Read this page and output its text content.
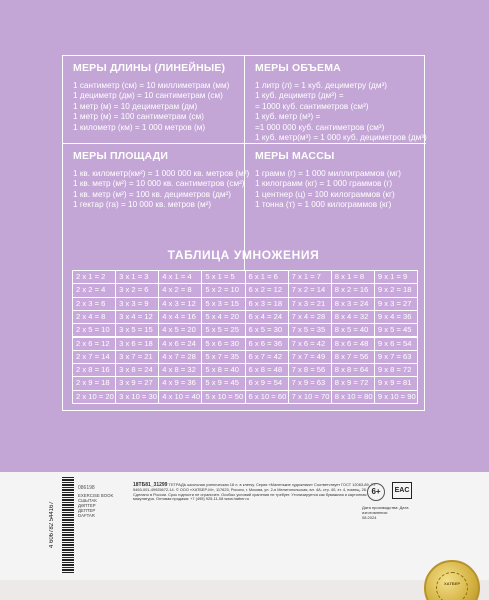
МЕРЫ ДЛИНЫ (ЛИНЕЙНЫЕ)

1 сантиметр (см) = 10 миллиметрам (мм)

1 дециметр (дм) = 10 сантиметрам (см)

1 метр (м) = 10 дециметрам (дм)

1 метр (м) = 100 сантиметрам (см)

1 километр (км) = 1 000 метров (м)

МЕРЫ ОБЪЕМА

1 литр (л) = 1 куб. дециметру (дм³)

1 куб. дециметр (дм³) =

= 1000 куб. сантиметров (см³)

1 куб. метр (м³) =

=1 000 000 куб. сантиметров (см³)

1 куб. метр(м³) = 1 000 куб. дециметров (дм³)

МЕРЫ ПЛОЩАДИ

1 кв. километр(км²) = 1 000 000 кв. метров (м²)

1 кв. метр (м²) = 10 000 кв. сантиметров (см²)

1 кв. метр (м²) = 100 кв. дециметров (дм²)

1 гектар (га) = 10 000 кв. метров (м²)

МЕРЫ МАССЫ

1 грамм (г) = 1 000 миллиграммов (мг)

1 килограмм (кг) = 1 000 граммов (г)

1 центнер (ц) = 100 килограммов (кг)

1 тонна (т) = 1 000 килограммов (кг)

ТАБЛИЦА УМНОЖЕНИЯ
2 x 1 = 2	3 x 1 = 3	4 x 1 = 4	5 x 1 = 5	6 x 1 = 6	7 x 1 = 7	8 x 1 = 8	9 x 1 = 9
2 x 2 = 4	3 x 2 = 6	4 x 2 = 8	5 x 2 = 10	6 x 2 = 12	7 x 2 = 14	8 x 2 = 16	9 x 2 = 18
2 x 3 = 6	3 x 3 = 9	4 x 3 = 12	5 x 3 = 15	6 x 3 = 18	7 x 3 = 21	8 x 3 = 24	9 x 3 = 27
2 x 4 = 8	3 x 4 = 12	4 x 4 = 16	5 x 4 = 20	6 x 4 = 24	7 x 4 = 28	8 x 4 = 32	9 x 4 = 36
2 x 5 = 10	3 x 5 = 15	4 x 5 = 20	5 x 5 = 25	6 x 5 = 30	7 x 5 = 35	8 x 5 = 40	9 x 5 = 45
2 x 6 = 12	3 x 6 = 18	4 x 6 = 24	5 x 6 = 30	6 x 6 = 36	7 x 6 = 42	8 x 6 = 48	9 x 6 = 54
2 x 7 = 14	3 x 7 = 21	4 x 7 = 28	5 x 7 = 35	6 x 7 = 42	7 x 7 = 49	8 x 7 = 56	9 x 7 = 63
2 x 8 = 16	3 x 8 = 24	4 x 8 = 32	5 x 8 = 40	6 x 8 = 48	7 x 8 = 56	8 x 8 = 64	9 x 8 = 72
2 x 9 = 18	3 x 9 = 27	4 x 9 = 36	5 x 9 = 45	6 x 9 = 54	7 x 9 = 63	8 x 9 = 72	9 x 9 = 81
2 x 10 = 20 3 x 10 = 30 4 x 10 = 40 5 x 10 = 50 6 x 10 = 60 7 x 10 = 70 8 x 10 = 80 9 x 10 = 90
4 606782 544167
086198
EXERCISE BOOK
СШЫТАК
ДӘПТЕР
ДЕПТЕР
DAFTAR
18ТБ81_31299 ТЕТРАДЬ школьная ученическая 18 л. в клетку. Серия «Маленькие художники» Соответствует ГОСТ 12063-89. ТУ 5463-001-49925672-14. © ООО «ХАТБЕР-М», 117623, Россия, г. Москва, ул. 2-я Мелитопольская, вл. 4А, стр. 40, эт. 4, помещ. 26. Сделано в России. Срок годности не ограничен. Особых условий хранения не требует. Утилизируется как бумажная и картонная макулатура. Оптовая продажа: +7 (495) 925-11-08 www.hatber.ru
6+	EAC
Дата производства: Дата изготовления:
08.2024
ХАТБЕР
